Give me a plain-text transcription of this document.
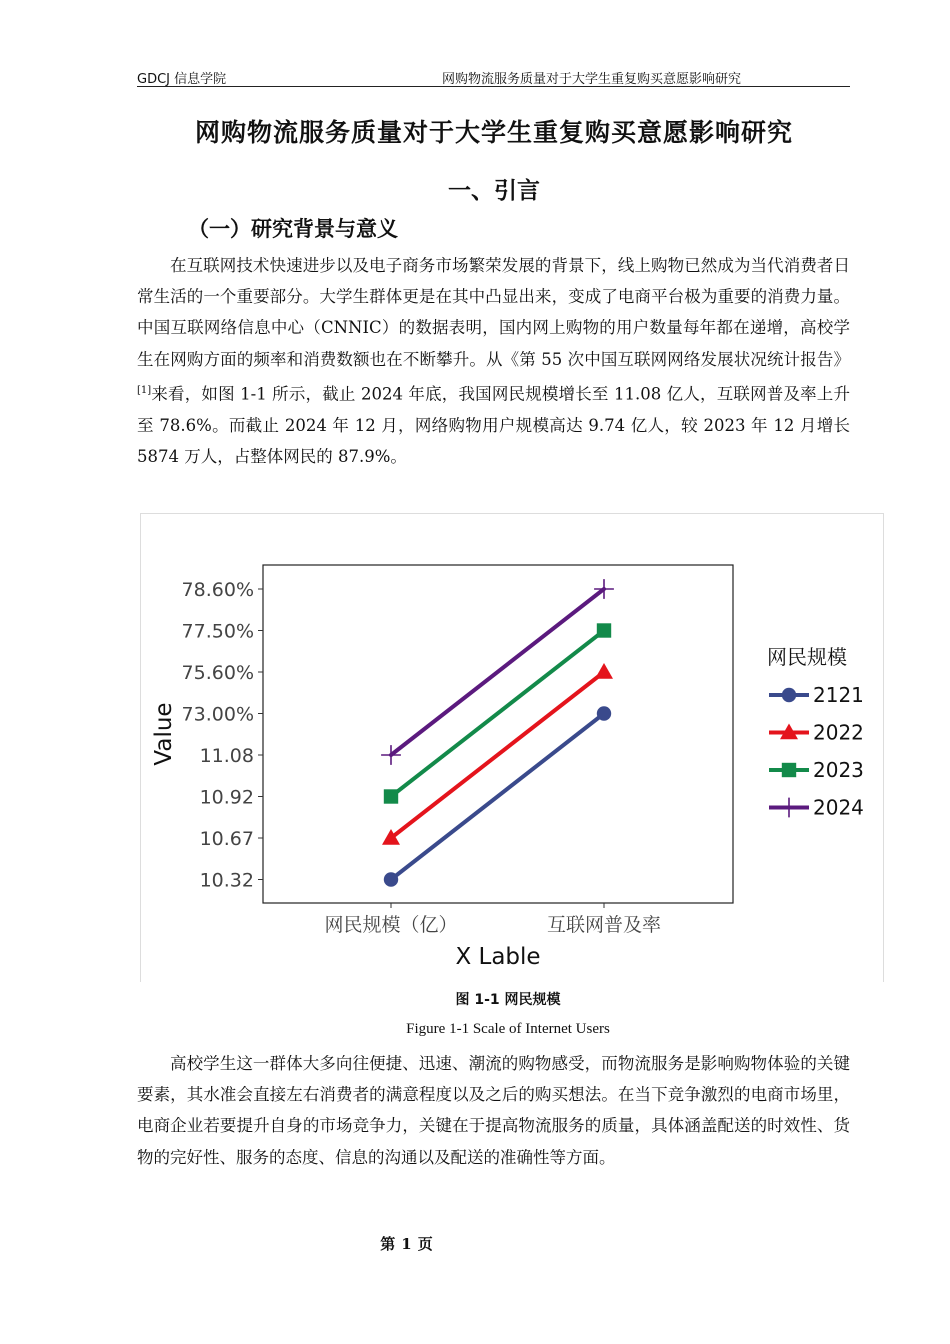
GDCJ 信息学院	网购物流服务质量对于大学生重复购买意愿影响研究
网购物流服务质量对于大学生重复购买意愿影响研究
一、引言
（一）研究背景与意义

在互联网技术快速进步以及电子商务市场繁荣发展的背景下，线上购物已然成为当代消费者日常生活的一个重要部分。大学生群体更是在其中凸显出来，变成了电商平台极为重要的消费力量。中国互联网络信息中心（CNNIC）的数据表明，国内网上购物的用户数量每年都在递增，高校学生在网购方面的频率和消费数额也在不断攀升。从《第 55 次中国互联网网络发展状况统计报告》[1]来看，如图 1-1 所示，截止 2024 年底，我国网民规模增长至 11.08 亿人，互联网普及率上升至 78.6%。而截止 2024 年 12 月，网络购物用户规模高达 9.74 亿人，较 2023 年 12 月增长 5874 万人，占整体网民的 87.9%。

78.60%
77.50%
75.60%
73.00%
11.08
10.92
10.67
10.32
网民规模（亿）	互联网普及率
X Lable
Value
网民规模
2121
2022
2023
2024
图 1-1 网民规模
Figure 1-1 Scale of Internet Users

高校学生这一群体大多向往便捷、迅速、潮流的购物感受，而物流服务是影响购物体验的关键要素，其水准会直接左右消费者的满意程度以及之后的购买想法。在当下竞争激烈的电商市场里，电商企业若要提升自身的市场竞争力，关键在于提高物流服务的质量，具体涵盖配送的时效性、货物的完好性、服务的态度、信息的沟通以及配送的准确性等方面。

第 1 页
